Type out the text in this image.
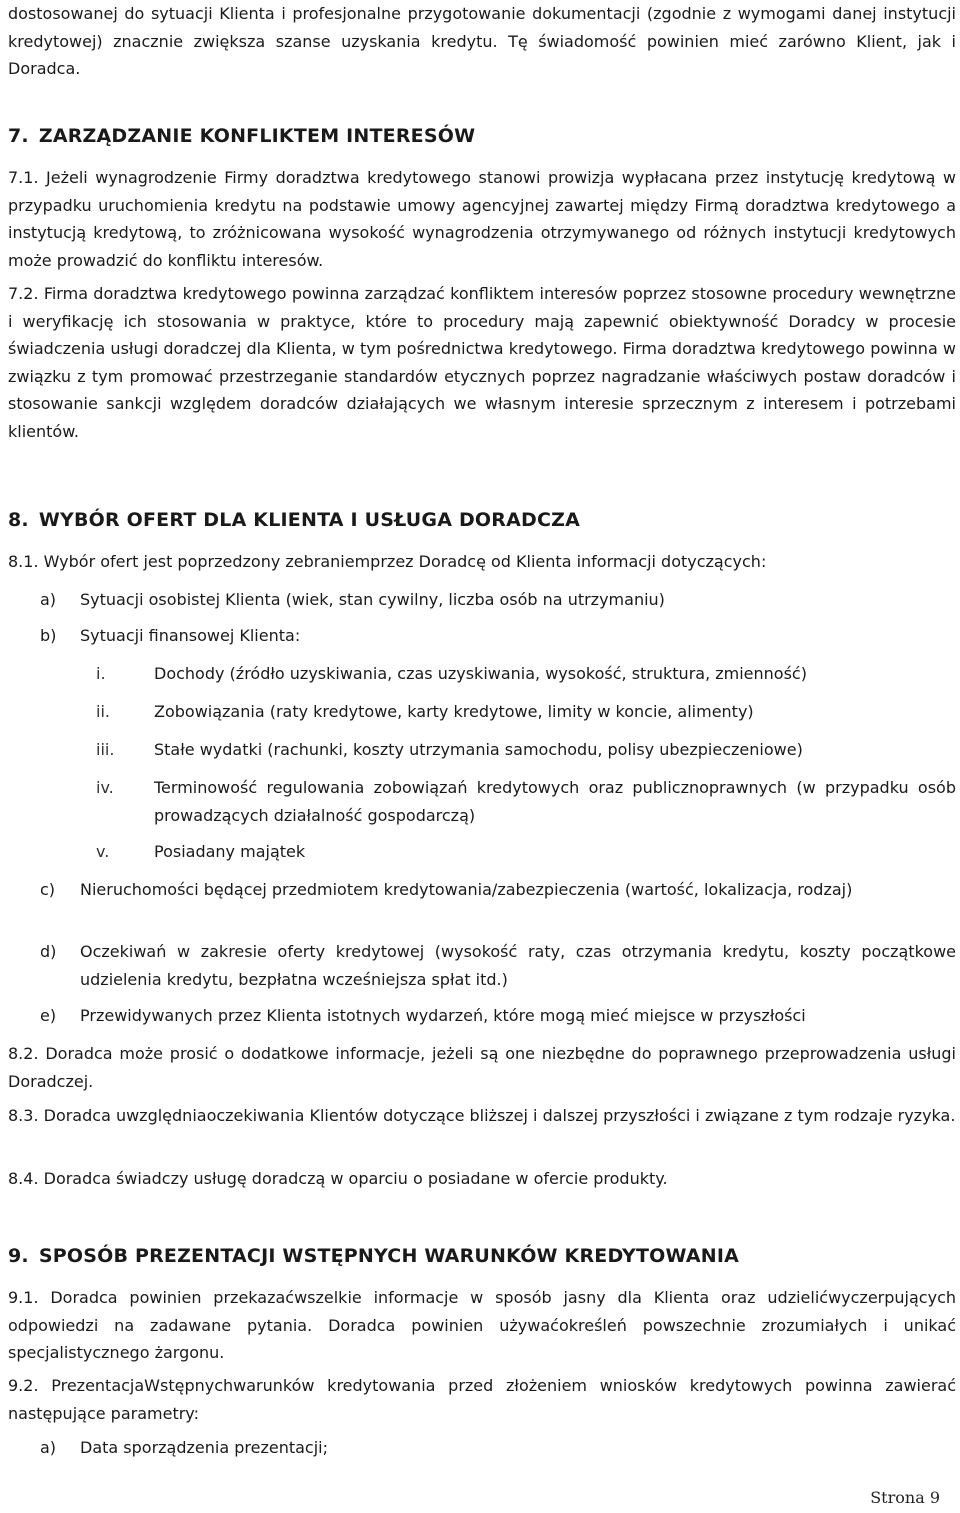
dostosowanej do sytuacji Klienta i profesjonalne przygotowanie dokumentacji (zgodnie z wymogami danej instytucji kredytowej) znacznie zwiększa szanse uzyskania kredytu. Tę świadomość powinien mieć zarówno Klient, jak i Doradca.

7. ZARZĄDZANIE KONFLIKTEM INTERESÓW

7.1. Jeżeli wynagrodzenie Firmy doradztwa kredytowego stanowi prowizja wypłacana przez instytucję kredytową w przypadku uruchomienia kredytu na podstawie umowy agencyjnej zawartej między Firmą doradztwa kredytowego a instytucją kredytową, to zróżnicowana wysokość wynagrodzenia otrzymywanego od różnych instytucji kredytowych może prowadzić do konfliktu interesów.

7.2. Firma doradztwa kredytowego powinna zarządzać konfliktem interesów poprzez stosowne procedury wewnętrzne i weryfikację ich stosowania w praktyce, które to procedury mają zapewnić obiektywność Doradcy w procesie świadczenia usługi doradczej dla Klienta, w tym pośrednictwa kredytowego. Firma doradztwa kredytowego powinna w związku z tym promować przestrzeganie standardów etycznych poprzez nagradzanie właściwych postaw doradców i stosowanie sankcji względem doradców działających we własnym interesie sprzecznym z interesem i potrzebami klientów.

8. WYBÓR OFERT DLA KLIENTA I USŁUGA DORADCZA

8.1. Wybór ofert jest poprzedzony zebraniemprzez Doradcę od Klienta informacji dotyczących:

a)	Sytuacji osobistej Klienta (wiek, stan cywilny, liczba osób na utrzymaniu)
b)	Sytuacji finansowej Klienta:
i.	Dochody (źródło uzyskiwania, czas uzyskiwania, wysokość, struktura, zmienność)
ii.	Zobowiązania (raty kredytowe, karty kredytowe, limity w koncie, alimenty)
iii.	Stałe wydatki (rachunki, koszty utrzymania samochodu, polisy ubezpieczeniowe)
iv.	Terminowość regulowania zobowiązań kredytowych oraz publicznoprawnych (w przypadku osób prowadzących działalność gospodarczą)
v.	Posiadany majątek
c)	Nieruchomości będącej przedmiotem kredytowania/zabezpieczenia (wartość, lokalizacja, rodzaj)
d)	Oczekiwań w zakresie oferty kredytowej (wysokość raty, czas otrzymania kredytu, koszty początkowe udzielenia kredytu, bezpłatna wcześniejsza spłat itd.)
e)	Przewidywanych przez Klienta istotnych wydarzeń, które mogą mieć miejsce w przyszłości

8.2. Doradca może prosić o dodatkowe informacje, jeżeli są one niezbędne do poprawnego przeprowadzenia usługi Doradczej.

8.3. Doradca uwzględniaoczekiwania Klientów dotyczące bliższej i dalszej przyszłości i związane z tym rodzaje ryzyka.

8.4. Doradca świadczy usługę doradczą w oparciu o posiadane w ofercie produkty.

9. SPOSÓB PREZENTACJI WSTĘPNYCH WARUNKÓW KREDYTOWANIA

9.1. Doradca powinien przekazaćwszelkie informacje w sposób jasny dla Klienta oraz udzielićwyczerpujących odpowiedzi na zadawane pytania. Doradca powinien używaćokreśleń powszechnie zrozumiałych i unikać specjalistycznego żargonu.

9.2. PrezentacjaWstępnychwarunków kredytowania przed złożeniem wniosków kredytowych powinna zawierać następujące parametry:

a)	Data sporządzenia prezentacji;
Strona 9
